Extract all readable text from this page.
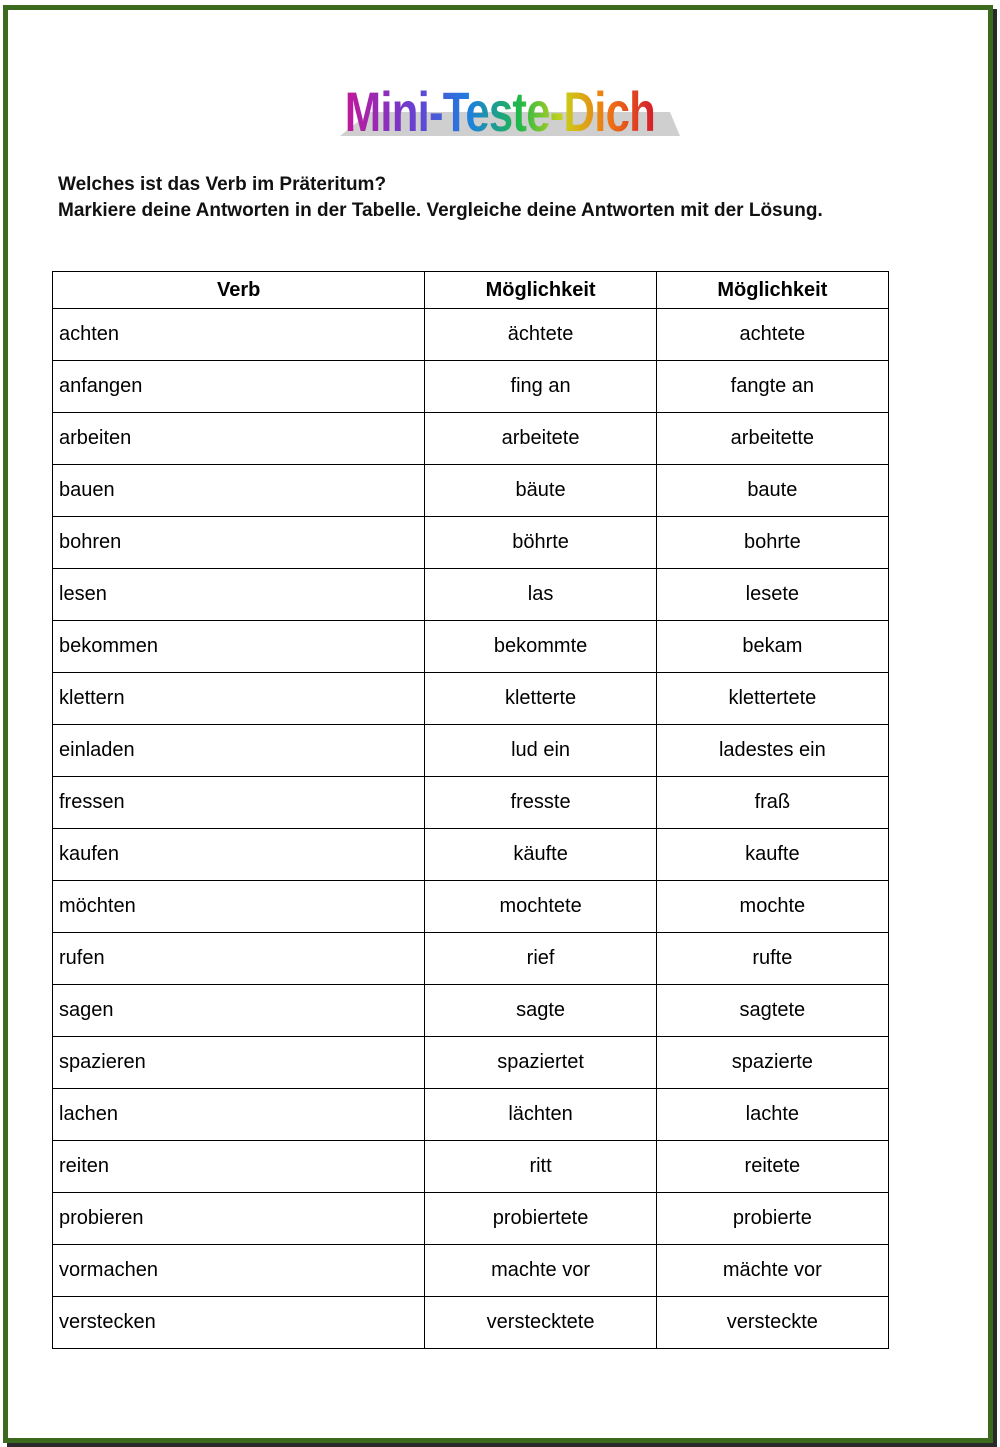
Mini-Teste-Dich
Welches ist das Verb im Präteritum?
Markiere deine Antworten in der Tabelle. Vergleiche deine Antworten mit der Lösung.
Verb	Möglichkeit	Möglichkeit
achten	ächtete	achtete
anfangen	fing an	fangte an
arbeiten	arbeitete	arbeitette
bauen	bäute	baute
bohren	böhrte	bohrte
lesen	las	lesete
bekommen	bekommte	bekam
klettern	kletterte	klettertete
einladen	lud ein	ladestes ein
fressen	fresste	fraß
kaufen	käufte	kaufte
möchten	mochtete	mochte
rufen	rief	rufte
sagen	sagte	sagtete
spazieren	spaziertet	spazierte
lachen	lächten	lachte
reiten	ritt	reitete
probieren	probiertete	probierte
vormachen	machte vor	mächte vor
verstecken	verstecktete	versteckte
